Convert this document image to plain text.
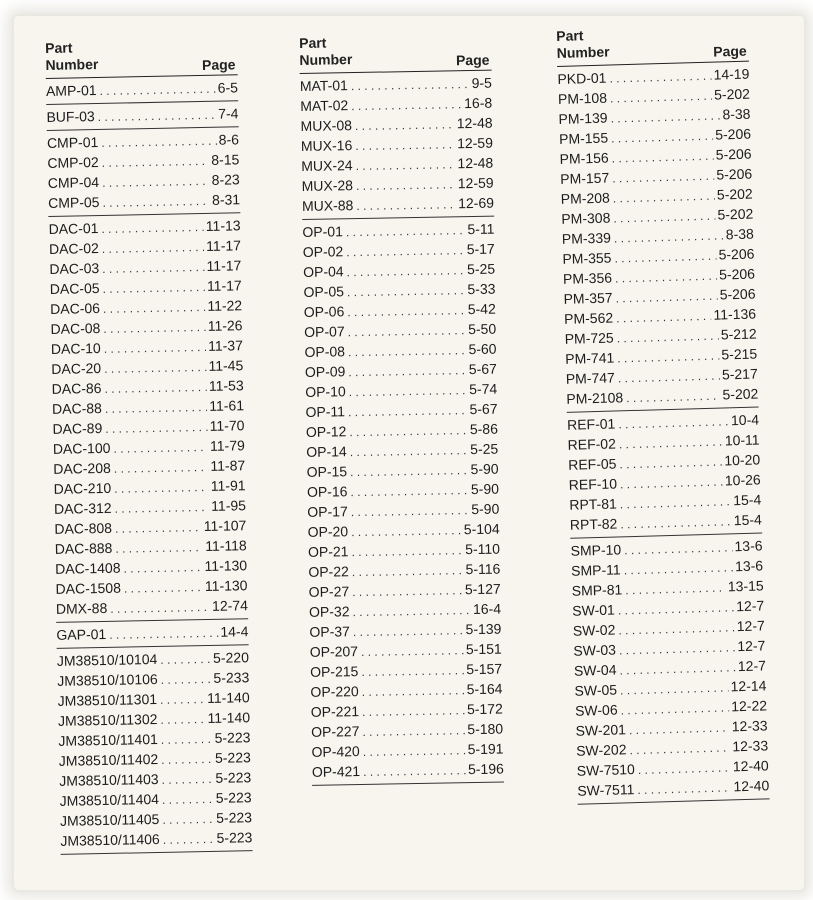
Part
Number	Page
AMP-01 . . .	6-5
BUF-03 . . .	7-4
CMP-01 . . .	8-6
CMP-02 . . .	8-15
CMP-04 . . .	8-23
CMP-05 . . .	8-31
DAC-01 . . .	11-13
DAC-02 . . .	11-17
DAC-03 . . .	11-17
DAC-05 . . .	11-17
DAC-06 . . .	11-22
DAC-08 . . .	11-26
DAC-10 . . .	11-37
DAC-20 . . .	11-45
DAC-86 . . .	11-53
DAC-88 . . .	11-61
DAC-89 . . .	11-70
DAC-100 . . .	11-79
DAC-208 . . .	11-87
DAC-210 . . .	11-91
DAC-312 . . .	11-95
DAC-808 . . .	11-107
DAC-888 . . .	11-118
DAC-1408 . . .	11-130
DAC-1508 . . .	11-130
DMX-88 . . .	12-74
GAP-01 . . .	14-4
JM38510/10104 . . .	5-220
JM38510/10106 . . .	5-233
JM38510/11301 . . .	11-140
JM38510/11302 . . .	11-140
JM38510/11401 . . .	5-223
JM38510/11402 . . .	5-223
JM38510/11403 . . .	5-223
JM38510/11404 . . .	5-223
JM38510/11405 . . .	5-223
JM38510/11406 . . .	5-223
Part
Number	Page
MAT-01 . . .	9-5
MAT-02 . . .	16-8
MUX-08 . . .	12-48
MUX-16 . . .	12-59
MUX-24 . . .	12-48
MUX-28 . . .	12-59
MUX-88 . . .	12-69
OP-01 . . .	5-11
OP-02 . . .	5-17
OP-04 . . .	5-25
OP-05 . . .	5-33
OP-06 . . .	5-42
OP-07 . . .	5-50
OP-08 . . .	5-60
OP-09 . . .	5-67
OP-10 . . .	5-74
OP-11 . . .	5-67
OP-12 . . .	5-86
OP-14 . . .	5-25
OP-15 . . .	5-90
OP-16 . . .	5-90
OP-17 . . .	5-90
OP-20 . . .	5-104
OP-21 . . .	5-110
OP-22 . . .	5-116
OP-27 . . .	5-127
OP-32 . . .	16-4
OP-37 . . .	5-139
OP-207 . . .	5-151
OP-215 . . .	5-157
OP-220 . . .	5-164
OP-221 . . .	5-172
OP-227 . . .	5-180
OP-420 . . .	5-191
OP-421 . . .	5-196
Part
Number	Page
PKD-01 . . .	14-19
PM-108 . . .	5-202
PM-139 . . .	8-38
PM-155 . . .	5-206
PM-156 . . .	5-206
PM-157 . . .	5-206
PM-208 . . .	5-202
PM-308 . . .	5-202
PM-339 . . .	8-38
PM-355 . . .	5-206
PM-356 . . .	5-206
PM-357 . . .	5-206
PM-562 . . .	11-136
PM-725 . . .	5-212
PM-741 . . .	5-215
PM-747 . . .	5-217
PM-2108 . . .	5-202
REF-01 . . .	10-4
REF-02 . . .	10-11
REF-05 . . .	10-20
REF-10 . . .	10-26
RPT-81 . . .	15-4
RPT-82 . . .	15-4
SMP-10 . . .	13-6
SMP-11 . . .	13-6
SMP-81 . . .	13-15
SW-01 . . .	12-7
SW-02 . . .	12-7
SW-03 . . .	12-7
SW-04 . . .	12-7
SW-05 . . .	12-14
SW-06 . . .	12-22
SW-201 . . .	12-33
SW-202 . . .	12-33
SW-7510 . . .	12-40
SW-7511 . . .	12-40
